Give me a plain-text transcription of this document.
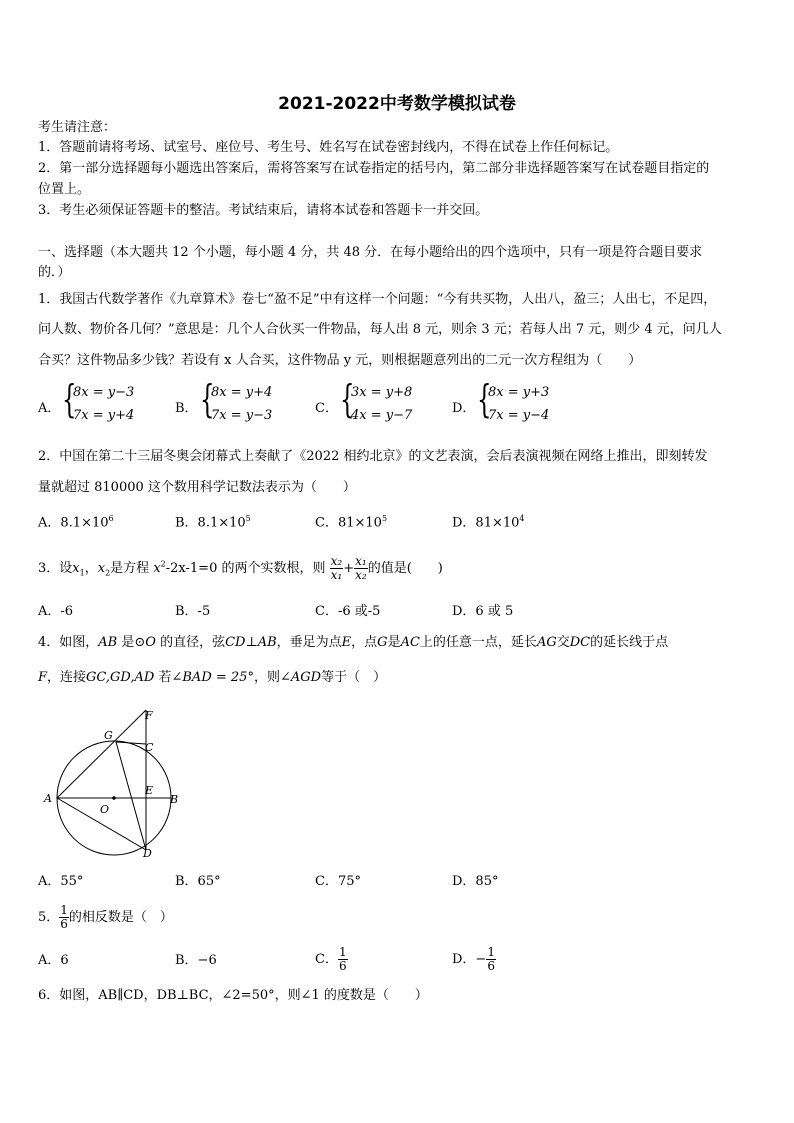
2021-2022中考数学模拟试卷
考生请注意：
1．答题前请将考场、试室号、座位号、考生号、姓名写在试卷密封线内，不得在试卷上作任何标记。
2．第一部分选择题每小题选出答案后，需将答案写在试卷指定的括号内，第二部分非选择题答案写在试卷题目指定的
位置上。
3．考生必须保证答题卡的整洁。考试结束后，请将本试卷和答题卡一并交回。
一、选择题（本大题共 12 个小题，每小题 4 分，共 48 分．在每小题给出的四个选项中，只有一项是符合题目要求
的．）
1．我国古代数学著作《九章算术》卷七“盈不足”中有这样一个问题：“今有共买物，人出八，盈三；人出七，不足四，
问人数、物价各几何？”意思是：几个人合伙买一件物品，每人出 8 元，则余 3 元；若每人出 7 元，则少 4 元，问几人
合买？这件物品多少钱？若设有 x 人合买，这件物品 y 元，则根据题意列出的二元一次方程组为（　　）
A． {
8x = y−3
7x = y+4	B． {
8x = y+4
7x = y−3	C． {
3x = y+8
4x = y−7	D． {
8x = y+3
7x = y−4
2．中国在第二十三届冬奥会闭幕式上奏献了《2022 相约北京》的文艺表演，会后表演视频在网络上推出，即刻转发
量就超过 810000 这个数用科学记数法表示为（　　）
A．$8.1\times 10^6$	B．$8.1\times 10^5$	C．$81\times 10^5$	D．$81\times 10^4$
3．设$x_1$，$x_2$是方程 $x^2-2x-1=0$ 的两个实数根，则 $\frac{\text{x₂}}{\text{x₁}} + \frac{\text{x₁}}{\text{x₂}}$ 的值是(　　)
A．-6	B．-5	C．-6 或-5	D．6 或 5
4．如图，AB 是⊙O 的直径，弦CD⊥AB，垂足为点E，点G是AC上的任意一点，延长AG交DC的延长线于点
F，连接GC,GD,AD 若∠BAD = 25°，则∠AGD等于（　）
F
G
C
A
O
E
B
D
A．55°	B．65°	C．75°	D．85°
5． $\frac{1}{6}$ 的相反数是（　）
A．6	B．−6	C． $\frac{1}{6}$	D．− $\frac{1}{6}$
6．如图，AB∥CD，DB⊥BC，∠2=50°，则∠1 的度数是（　　）
